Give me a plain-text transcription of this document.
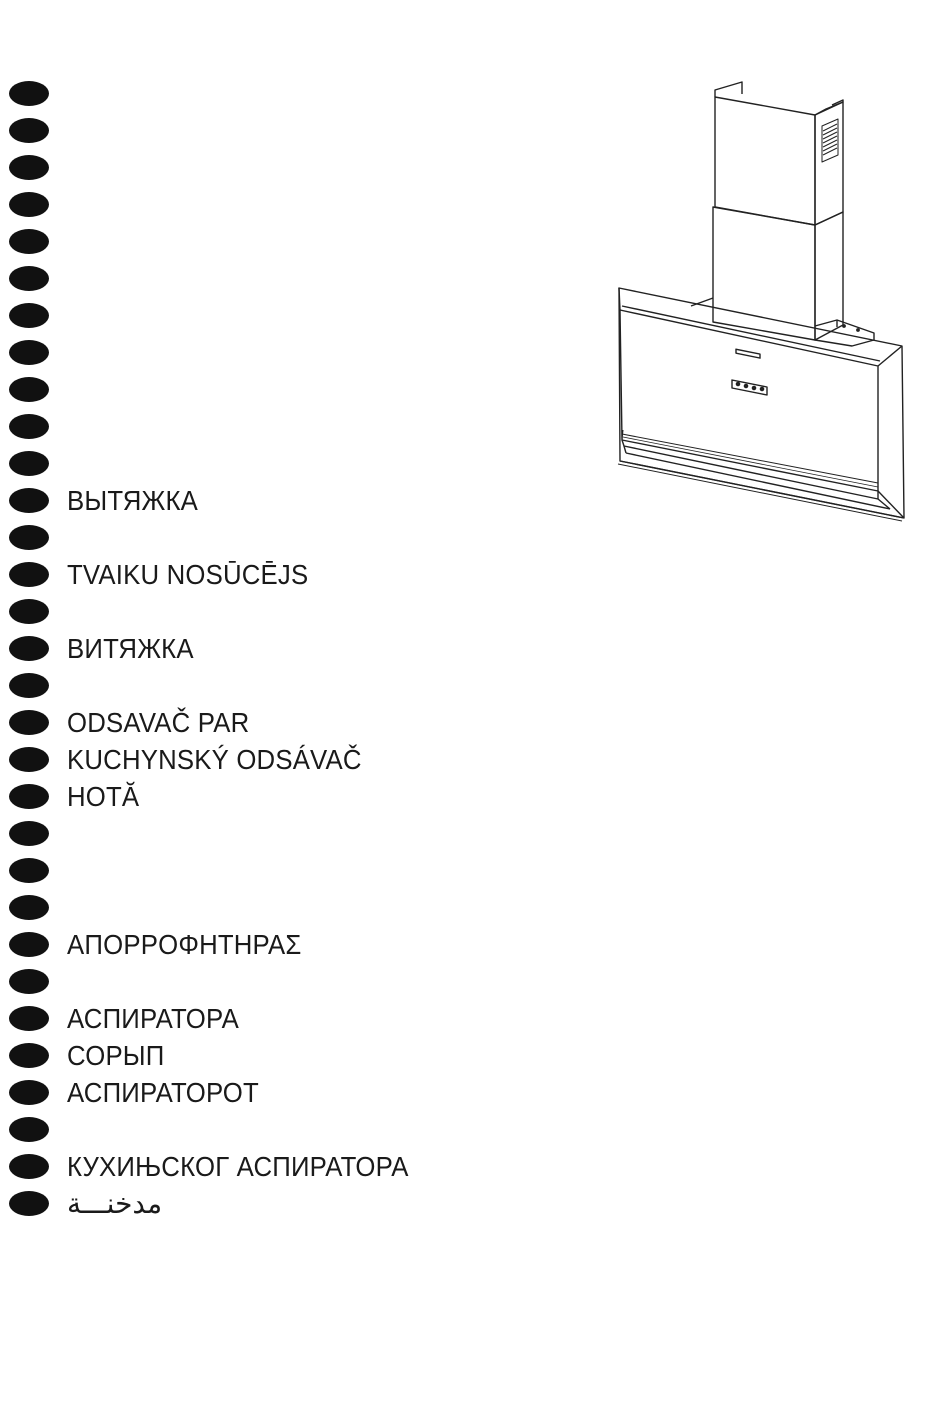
ВЫТЯЖКА
TVAIKU NOSŪCĒJS
ВИТЯЖКА
ODSAVAČ PAR
KUCHYNSKÝ ODSÁVAČ
HOTĂ
ΑΠΟΡΡΟΦΗΤΗΡΑΣ
АСПИРАТОРА
СОРЫП
АСПИРАТОРОТ
КУХИЊСКОГ АСПИРАТОРА
مدخنـــة
